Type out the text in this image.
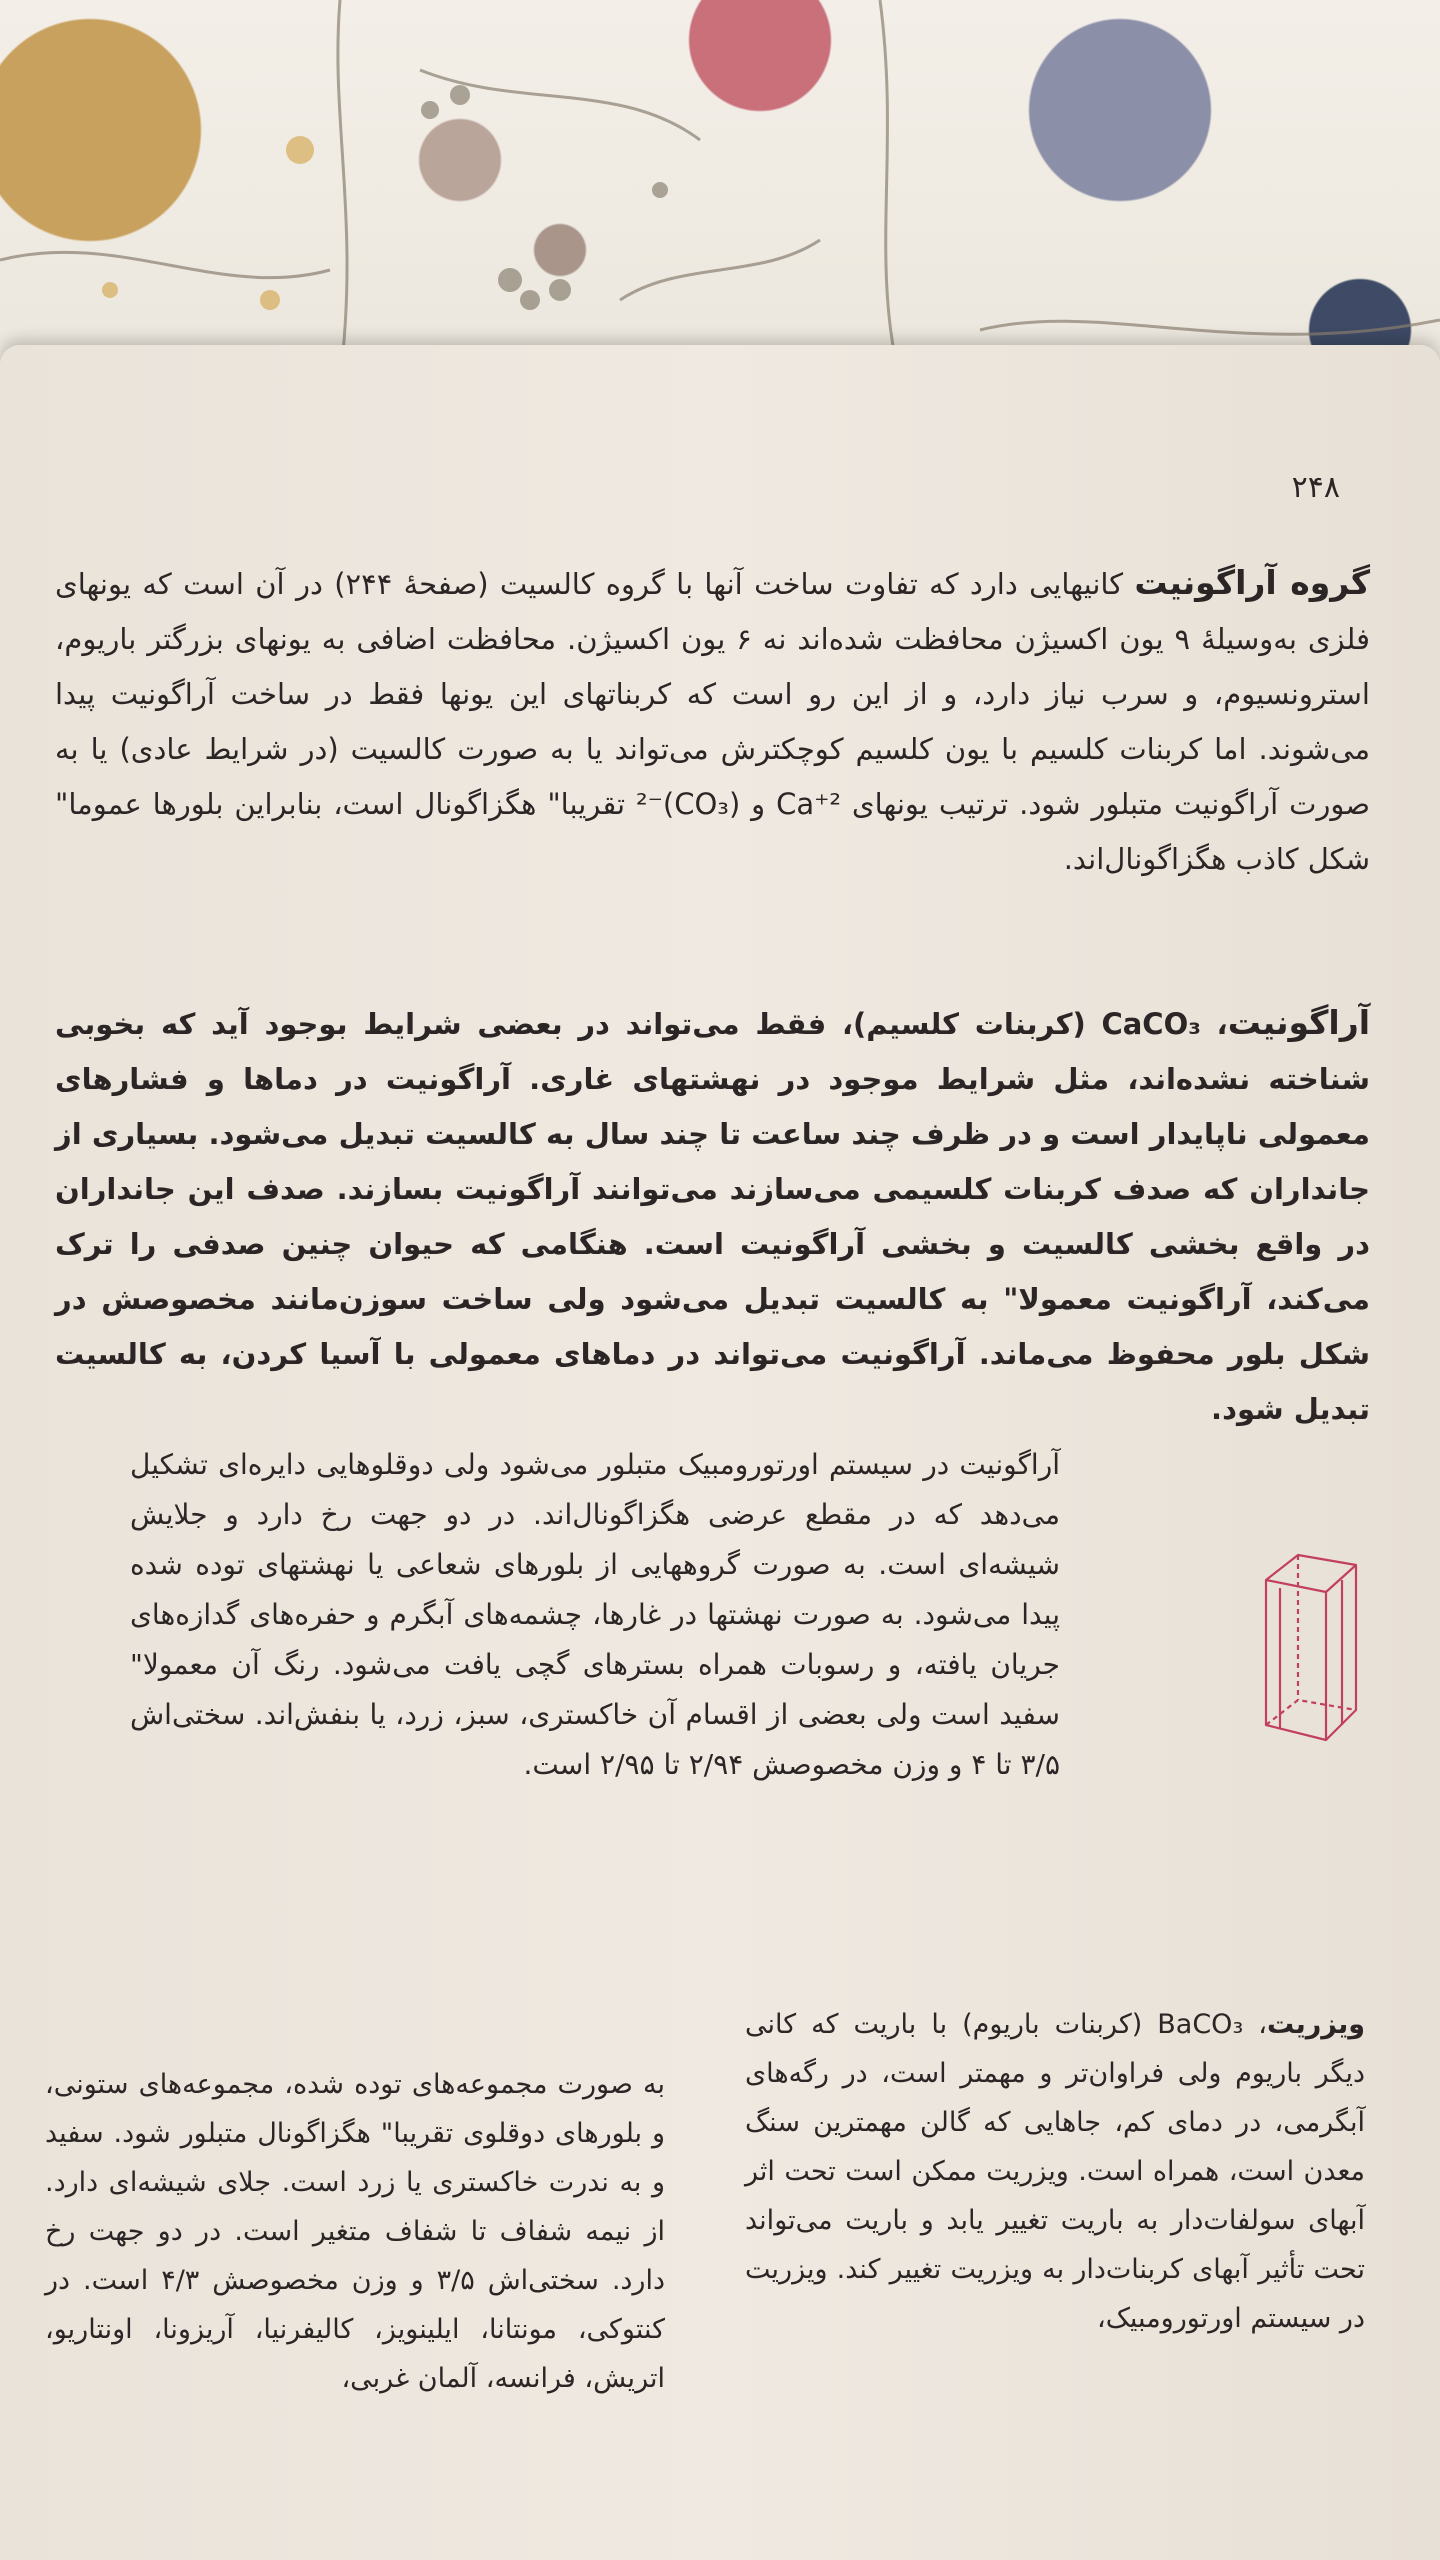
۲۴۸
گروه آراگونیت کانیهایی دارد که تفاوت ساخت آنها با گروه کالسیت (صفحهٔ ۲۴۴) در آن است که یونهای فلزی به‌وسیلهٔ ۹ یون اکسیژن محافظت شده‌اند نه ۶ یون اکسیژن. محافظت اضافی به یونهای بزرگتر باریوم، استرونسیوم، و سرب نیاز دارد، و از این رو است که کربناتهای این یونها فقط در ساخت آراگونیت پیدا می‌شوند. اما کربنات کلسیم با یون کلسیم کوچکترش می‌تواند یا به صورت کالسیت (در شرایط عادی) یا به صورت آراگونیت متبلور شود. ترتیب یونهای Ca⁺² و (CO₃)⁻² تقریبا" هگزاگونال است، بنابراین بلورها عموما" شکل کاذب هگزاگونال‌اند.
آراگونیت، CaCO₃ (کربنات کلسیم)، فقط می‌تواند در بعضی شرایط بوجود آید که بخوبی شناخته نشده‌اند، مثل شرایط موجود در نهشتهای غاری. آراگونیت در دماها و فشارهای معمولی ناپایدار است و در ظرف چند ساعت تا چند سال به کالسیت تبدیل می‌شود. بسیاری از جانداران که صدف کربنات کلسیمی می‌سازند می‌توانند آراگونیت بسازند. صدف این جانداران در واقع بخشی کالسیت و بخشی آراگونیت است. هنگامی که حیوان چنین صدفی را ترک می‌کند، آراگونیت معمولا" به کالسیت تبدیل می‌شود ولی ساخت سوزن‌مانند مخصوصش در شکل بلور محفوظ می‌ماند. آراگونیت می‌تواند در دماهای معمولی با آسیا کردن، به کالسیت تبدیل شود.
آراگونیت در سیستم اورتورومبیک متبلور می‌شود ولی دوقلوهایی دایره‌ای تشکیل می‌دهد که در مقطع عرضی هگزاگونال‌اند. در دو جهت رخ دارد و جلایش شیشه‌ای است. به صورت گروههایی از بلورهای شعاعی یا نهشتهای توده شده پیدا می‌شود. به صورت نهشتها در غارها، چشمه‌های آبگرم و حفره‌های گدازه‌های جریان یافته، و رسوبات همراه بسترهای گچی یافت می‌شود. رنگ آن معمولا" سفید است ولی بعضی از اقسام آن خاکستری، سبز، زرد، یا بنفش‌اند. سختی‌اش ۳/۵ تا ۴ و وزن مخصوصش ۲/۹۴ تا ۲/۹۵ است.
به صورت مجموعه‌های توده شده، مجموعه‌های ستونی، و بلورهای دوقلوی تقریبا" هگزاگونال متبلور شود. سفید و به ندرت خاکستری یا زرد است. جلای شیشه‌ای دارد. از نیمه شفاف تا شفاف متغیر است. در دو جهت رخ دارد. سختی‌اش ۳/۵ و وزن مخصوصش ۴/۳ است. در کنتوکی، مونتانا، ایلینویز، کالیفرنیا، آریزونا، اونتاریو، اتریش، فرانسه، آلمان غربی،
ویزریت، BaCO₃ (کربنات باریوم) با باریت که کانی دیگر باریوم ولی فراوان‌تر و مهمتر است، در رگه‌های آبگرمی، در دمای کم، جاهایی که گالن مهمترین سنگ معدن است، همراه است. ویزریت ممکن است تحت اثر آبهای سولفات‌دار به باریت تغییر یابد و باریت می‌تواند تحت تأثیر آبهای کربنات‌دار به ویزریت تغییر کند. ویزریت در سیستم اورتورومبیک،
